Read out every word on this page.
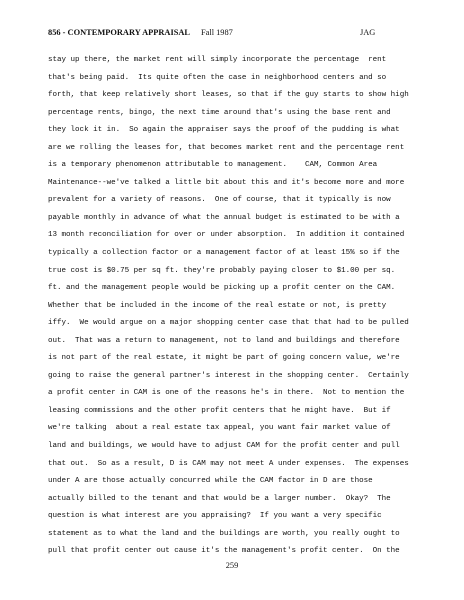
856 - CONTEMPORARY APPRAISAL Fall 1987	JAG
stay up there, the market rent will simply incorporate the percentage  rent
that's being paid.  Its quite often the case in neighborhood centers and so
forth, that keep relatively short leases, so that if the guy starts to show high
percentage rents, bingo, the next time around that's using the base rent and
they lock it in.  So again the appraiser says the proof of the pudding is what
are we rolling the leases for, that becomes market rent and the percentage rent
is a temporary phenomenon attributable to management.    CAM, Common Area
Maintenance--we've talked a little bit about this and it's become more and more
prevalent for a variety of reasons.  One of course, that it typically is now
payable monthly in advance of what the annual budget is estimated to be with a
13 month reconciliation for over or under absorption.  In addition it contained
typically a collection factor or a management factor of at least 15% so if the
true cost is $0.75 per sq ft. they're probably paying closer to $1.00 per sq.
ft. and the management people would be picking up a profit center on the CAM.
Whether that be included in the income of the real estate or not, is pretty
iffy.  We would argue on a major shopping center case that that had to be pulled
out.  That was a return to management, not to land and buildings and therefore
is not part of the real estate, it might be part of going concern value, we're
going to raise the general partner's interest in the shopping center.  Certainly
a profit center in CAM is one of the reasons he's in there.  Not to mention the
leasing commissions and the other profit centers that he might have.  But if
we're talking  about a real estate tax appeal, you want fair market value of
land and buildings, we would have to adjust CAM for the profit center and pull
that out.  So as a result, D is CAM may not meet A under expenses.  The expenses
under A are those actually concurred while the CAM factor in D are those
actually billed to the tenant and that would be a larger number.  Okay?  The
question is what interest are you appraising?  If you want a very specific
statement as to what the land and the buildings are worth, you really ought to
pull that profit center out cause it's the management's profit center.  On the
259
